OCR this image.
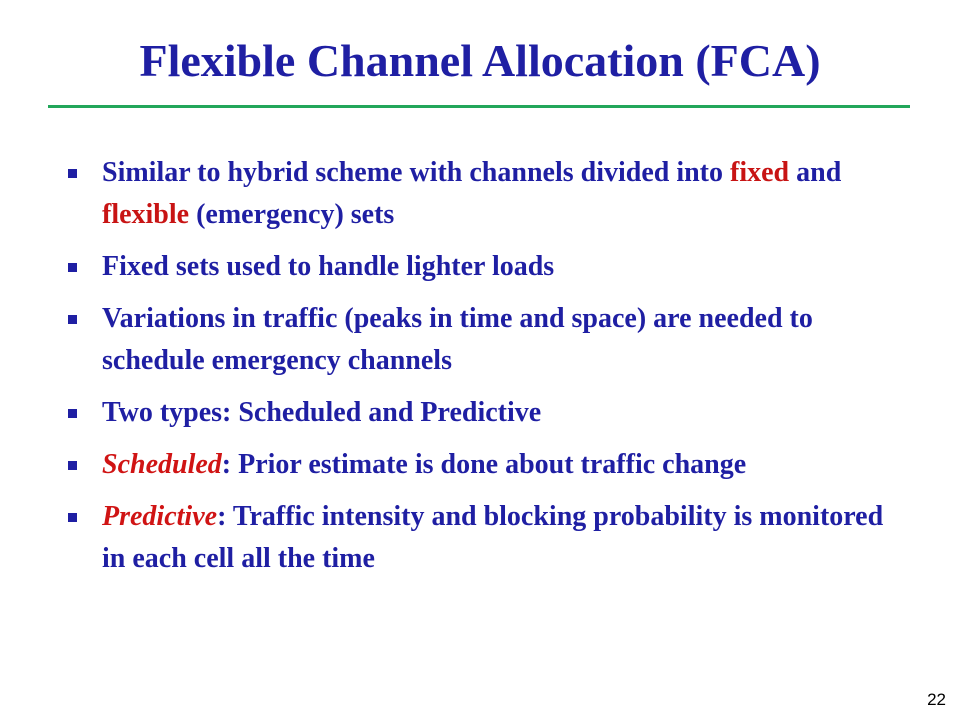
Flexible Channel Allocation (FCA)
Similar to hybrid scheme with channels divided into fixed and flexible (emergency) sets
Fixed sets used to handle lighter loads
Variations in traffic (peaks in time and space) are needed to schedule emergency channels
Two types: Scheduled and Predictive
Scheduled: Prior estimate is done about traffic change
Predictive: Traffic intensity and blocking probability is monitored in each cell all the time
22
